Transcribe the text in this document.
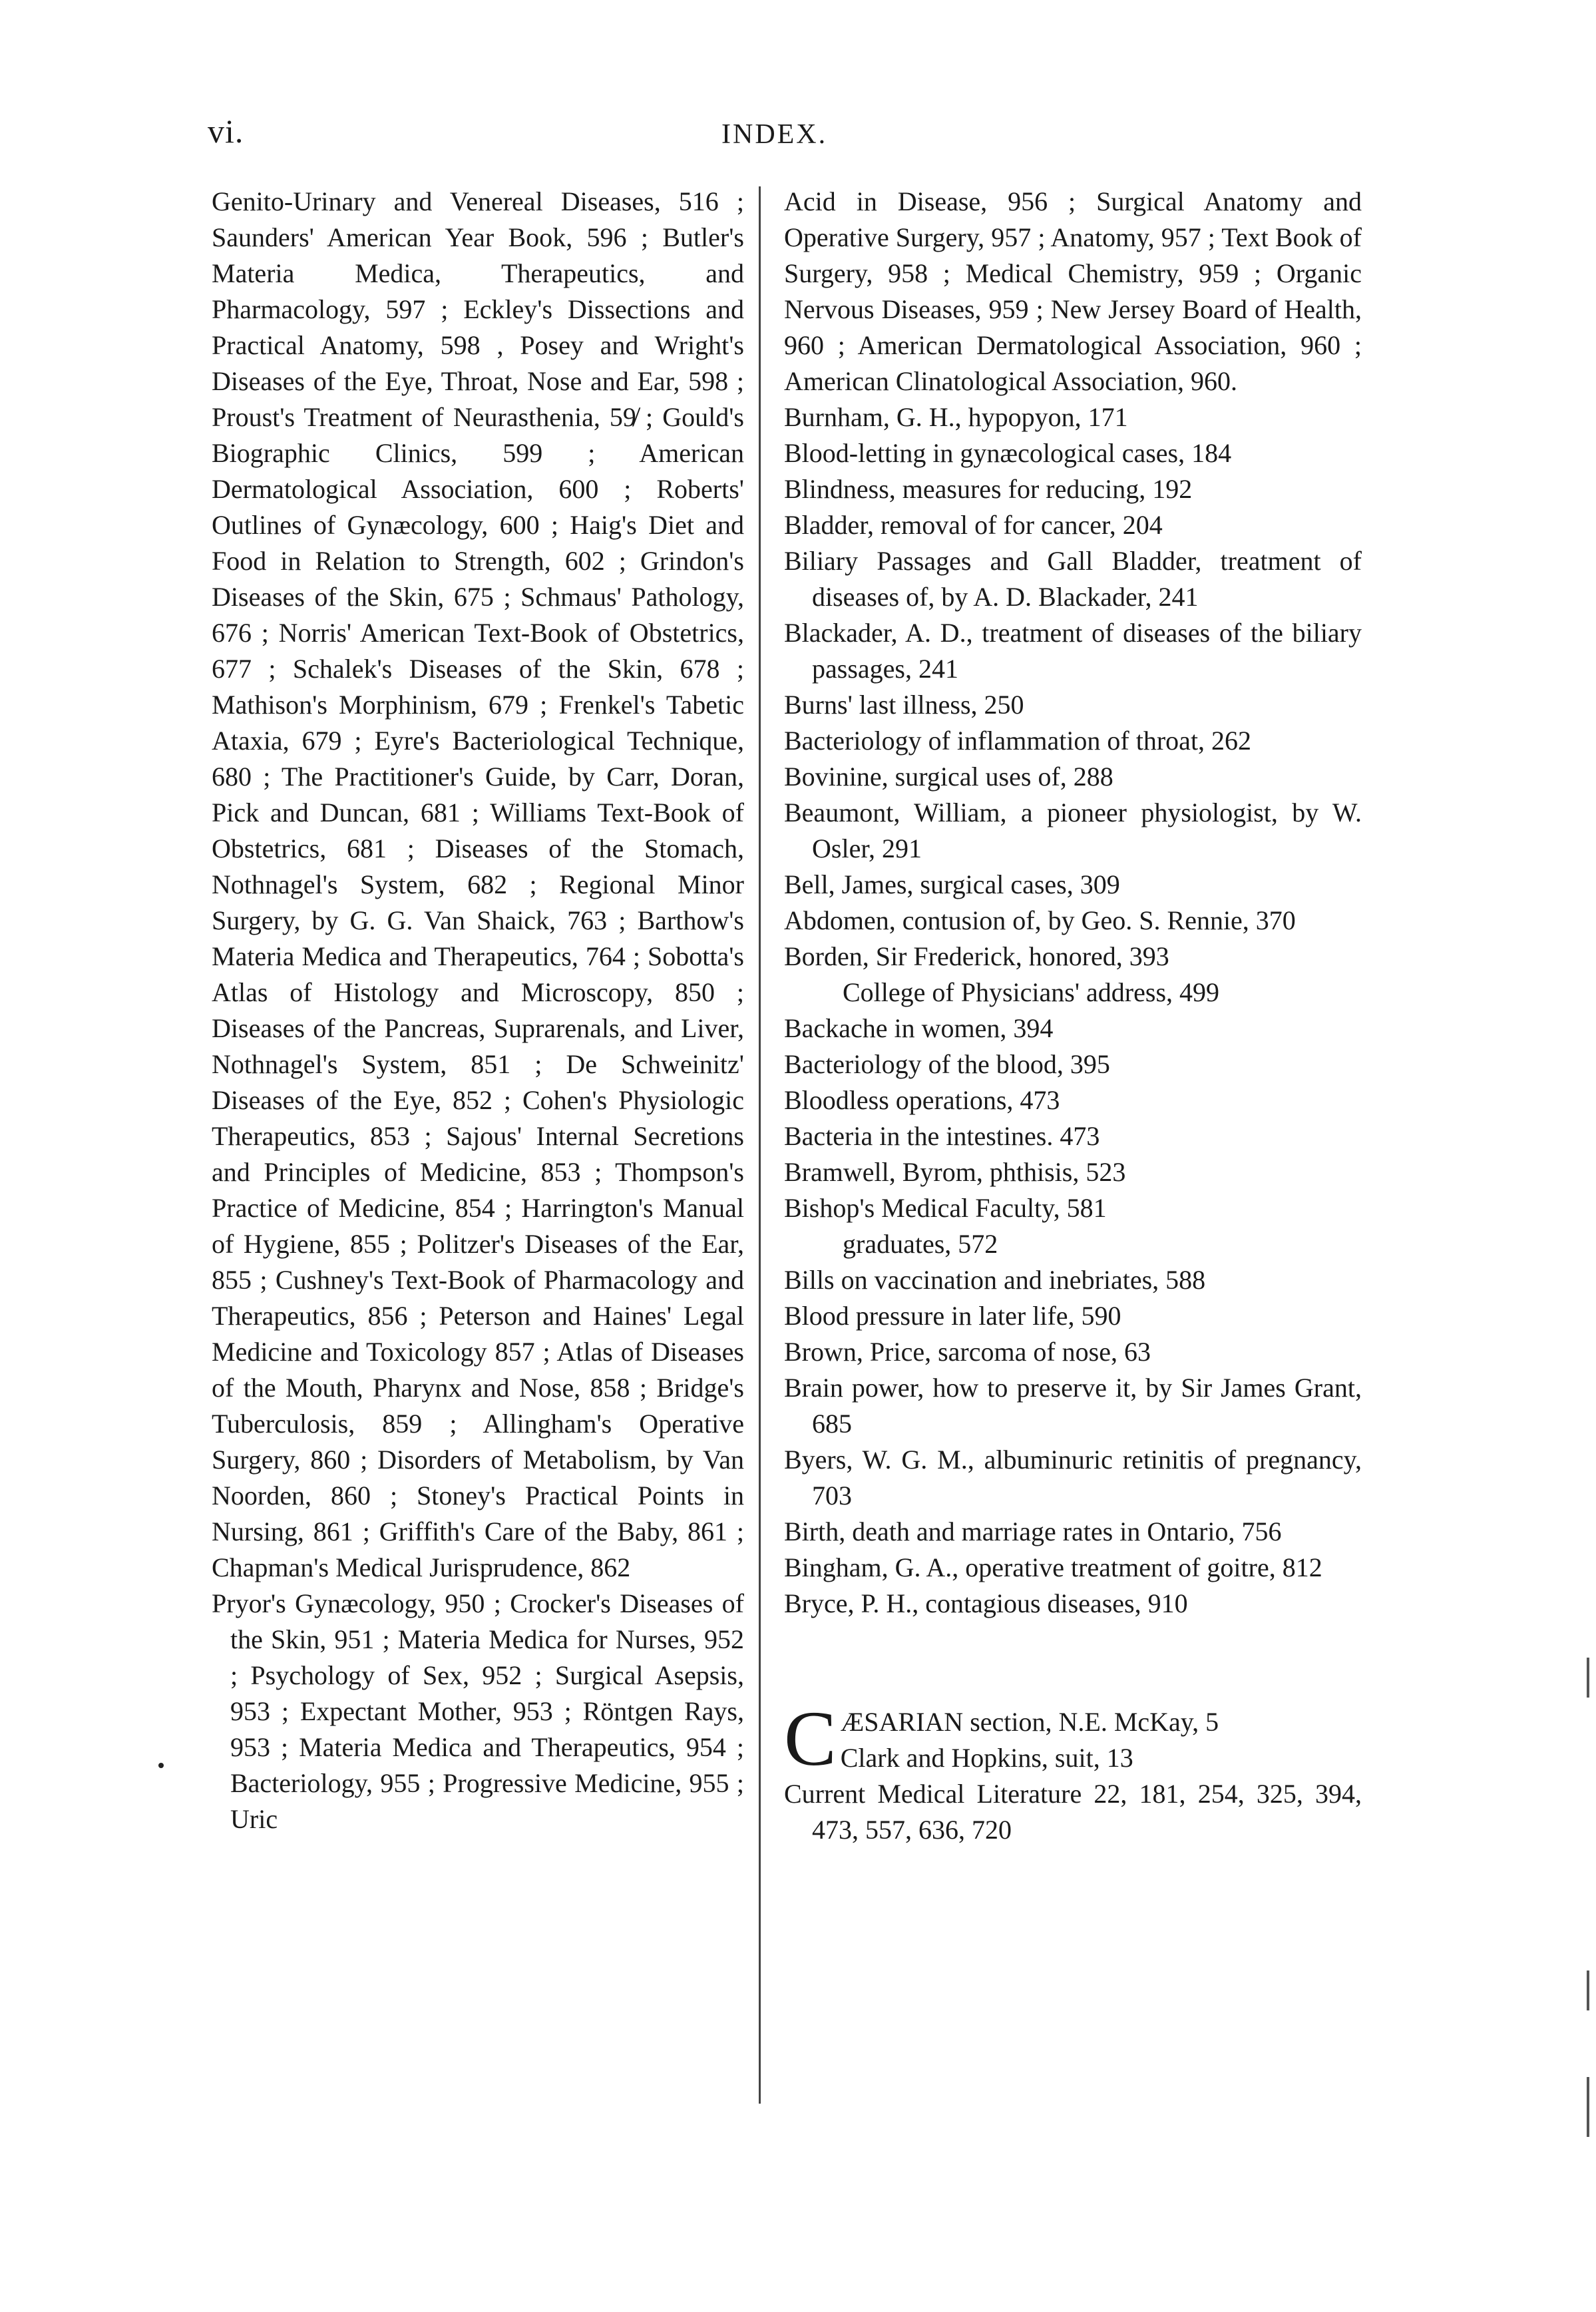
vi.	INDEX.

Genito-Urinary and Venereal Diseases, 516 ; Saunders' American Year Book, 596 ; Butler's Materia Medica, Therapeutics, and Pharmacology, 597 ; Eckley's Dissections and Practical Anatomy, 598 , Posey and Wright's Diseases of the Eye, Throat, Nose and Ear, 598 ; Proust's Treatment of Neurasthenia, 59̸ ; Gould's Biographic Clinics, 599 ; American Dermatological Association, 600 ; Roberts' Outlines of Gynæcology, 600 ; Haig's Diet and Food in Relation to Strength, 602 ; Grindon's Diseases of the Skin, 675 ; Schmaus' Pathology, 676 ; Norris' American Text-Book of Obstetrics, 677 ; Schalek's Diseases of the Skin, 678 ; Mathison's Morphinism, 679 ; Frenkel's Tabetic Ataxia, 679 ; Eyre's Bacteriological Technique, 680 ; The Practitioner's Guide, by Carr, Doran, Pick and Duncan, 681 ; Williams Text-Book of Obstetrics, 681 ; Diseases of the Stomach, Nothnagel's System, 682 ; Regional Minor Surgery, by G. G. Van Shaick, 763 ; Barthow's Materia Medica and Therapeutics, 764 ; Sobotta's Atlas of Histology and Microscopy, 850 ; Diseases of the Pancreas, Suprarenals, and Liver, Nothnagel's System, 851 ; De Schweinitz' Diseases of the Eye, 852 ; Cohen's Physiologic Therapeutics, 853 ; Sajous' Internal Secretions and Principles of Medicine, 853 ; Thompson's Practice of Medicine, 854 ; Harrington's Manual of Hygiene, 855 ; Politzer's Diseases of the Ear, 855 ; Cushney's Text-Book of Pharmacology and Therapeutics, 856 ; Peterson and Haines' Legal Medicine and Toxicology 857 ; Atlas of Diseases of the Mouth, Pharynx and Nose, 858 ; Bridge's Tuberculosis, 859 ; Allingham's Operative Surgery, 860 ; Disorders of Metabolism, by Van Noorden, 860 ; Stoney's Practical Points in Nursing, 861 ; Griffith's Care of the Baby, 861 ; Chapman's Medical Jurisprudence, 862

Pryor's Gynæcology, 950 ; Crocker's Diseases of the Skin, 951 ; Materia Medica for Nurses, 952 ; Psychology of Sex, 952 ; Surgical Asepsis, 953 ; Expectant Mother, 953 ; Röntgen Rays, 953 ; Materia Medica and Therapeutics, 954 ; Bacteriology, 955 ; Progressive Medicine, 955 ; Uric

Acid in Disease, 956 ; Surgical Anatomy and Operative Surgery, 957 ; Anatomy, 957 ; Text Book of Surgery, 958 ; Medical Chemistry, 959 ; Organic Nervous Diseases, 959 ; New Jersey Board of Health, 960 ; American Dermatological Association, 960 ; American Clinatological Association, 960.

Burnham, G. H., hypopyon, 171

Blood-letting in gynæcological cases, 184

Blindness, measures for reducing, 192

Bladder, removal of for cancer, 204

Biliary Passages and Gall Bladder, treatment of diseases of, by A. D. Blackader, 241

Blackader, A. D., treatment of diseases of the biliary passages, 241

Burns' last illness, 250

Bacteriology of inflammation of throat, 262

Bovinine, surgical uses of, 288

Beaumont, William, a pioneer physiologist, by W. Osler, 291

Bell, James, surgical cases, 309

Abdomen, contusion of, by Geo. S. Rennie, 370

Borden, Sir Frederick, honored, 393

College of Physicians' address, 499

Backache in women, 394

Bacteriology of the blood, 395

Bloodless operations, 473

Bacteria in the intestines. 473

Bramwell, Byrom, phthisis, 523

Bishop's Medical Faculty, 581

graduates, 572

Bills on vaccination and inebriates, 588

Blood pressure in later life, 590

Brown, Price, sarcoma of nose, 63

Brain power, how to preserve it, by Sir James Grant, 685

Byers, W. G. M., albuminuric retinitis of pregnancy, 703

Birth, death and marriage rates in Ontario, 756

Bingham, G. A., operative treatment of goitre, 812

Bryce, P. H., contagious diseases, 910

C ÆSARIAN section, N.E. McKay, 5
Clark and Hopkins, suit, 13

Current Medical Literature 22, 181, 254, 325, 394, 473, 557, 636, 720
